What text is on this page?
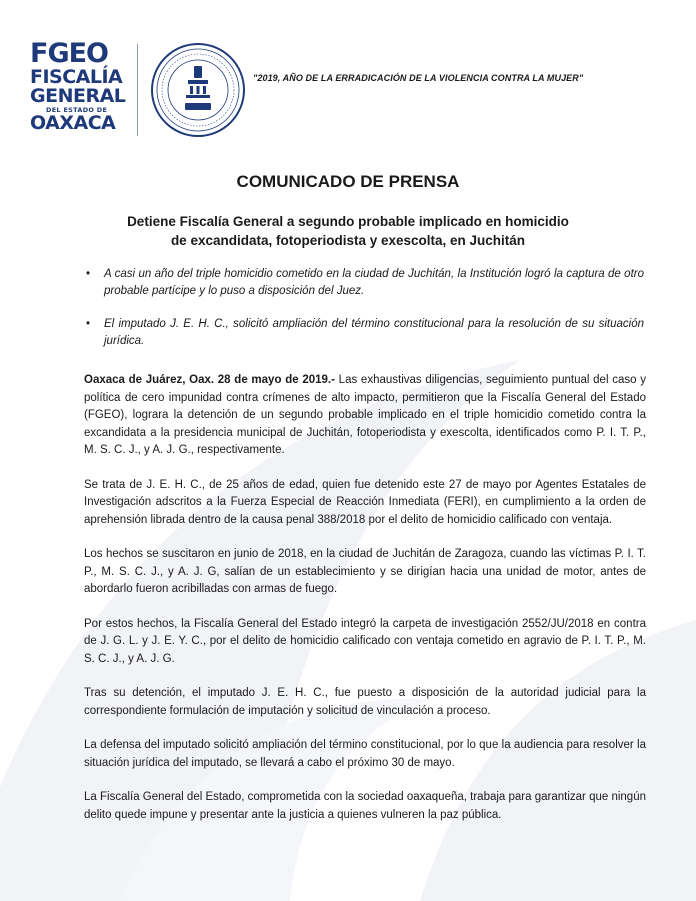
FGEO
FISCALÍA
GENERAL
DEL ESTADO DE
OAXACA
"2019, AÑO DE LA ERRADICACIÓN DE LA VIOLENCIA CONTRA LA MUJER"
COMUNICADO DE PRENSA
Detiene Fiscalía General a segundo probable implicado en homicidio
de excandidata, fotoperiodista y exescolta, en Juchitán
• A casi un año del triple homicidio cometido en la ciudad de Juchitán, la Institución logró la captura de otro probable partícipe y lo puso a disposición del Juez.
• El imputado J. E. H. C., solicitó ampliación del término constitucional para la resolución de su situación jurídica.

Oaxaca de Juárez, Oax. 28 de mayo de 2019.- Las exhaustivas diligencias, seguimiento puntual del caso y política de cero impunidad contra crímenes de alto impacto, permitieron que la Fiscalía General del Estado (FGEO), lograra la detención de un segundo probable implicado en el triple homicidio cometido contra la excandidata a la presidencia municipal de Juchitán, fotoperiodista y exescolta, identificados como P. I. T. P., M. S. C. J., y A. J. G., respectivamente.

Se trata de J. E. H. C., de 25 años de edad, quien fue detenido este 27 de mayo por Agentes Estatales de Investigación adscritos a la Fuerza Especial de Reacción Inmediata (FERI), en cumplimiento a la orden de aprehensión librada dentro de la causa penal 388/2018 por el delito de homicidio calificado con ventaja.

Los hechos se suscitaron en junio de 2018, en la ciudad de Juchitán de Zaragoza, cuando las víctimas P. I. T. P., M. S. C. J., y A. J. G, salían de un establecimiento y se dirigían hacia una unidad de motor, antes de abordarlo fueron acribilladas con armas de fuego.

Por estos hechos, la Fiscalía General del Estado integró la carpeta de investigación 2552/JU/2018 en contra de J. G. L. y J. E. Y. C., por el delito de homicidio calificado con ventaja cometido en agravio de P. I. T. P., M. S. C. J., y A. J. G.

Tras su detención, el imputado J. E. H. C., fue puesto a disposición de la autoridad judicial para la correspondiente formulación de imputación y solicitud de vinculación a proceso.

La defensa del imputado solicitó ampliación del término constitucional, por lo que la audiencia para resolver la situación jurídica del imputado, se llevará a cabo el próximo 30 de mayo.

La Fiscalía General del Estado, comprometida con la sociedad oaxaqueña, trabaja para garantizar que ningún delito quede impune y presentar ante la justicia a quienes vulneren la paz pública.
